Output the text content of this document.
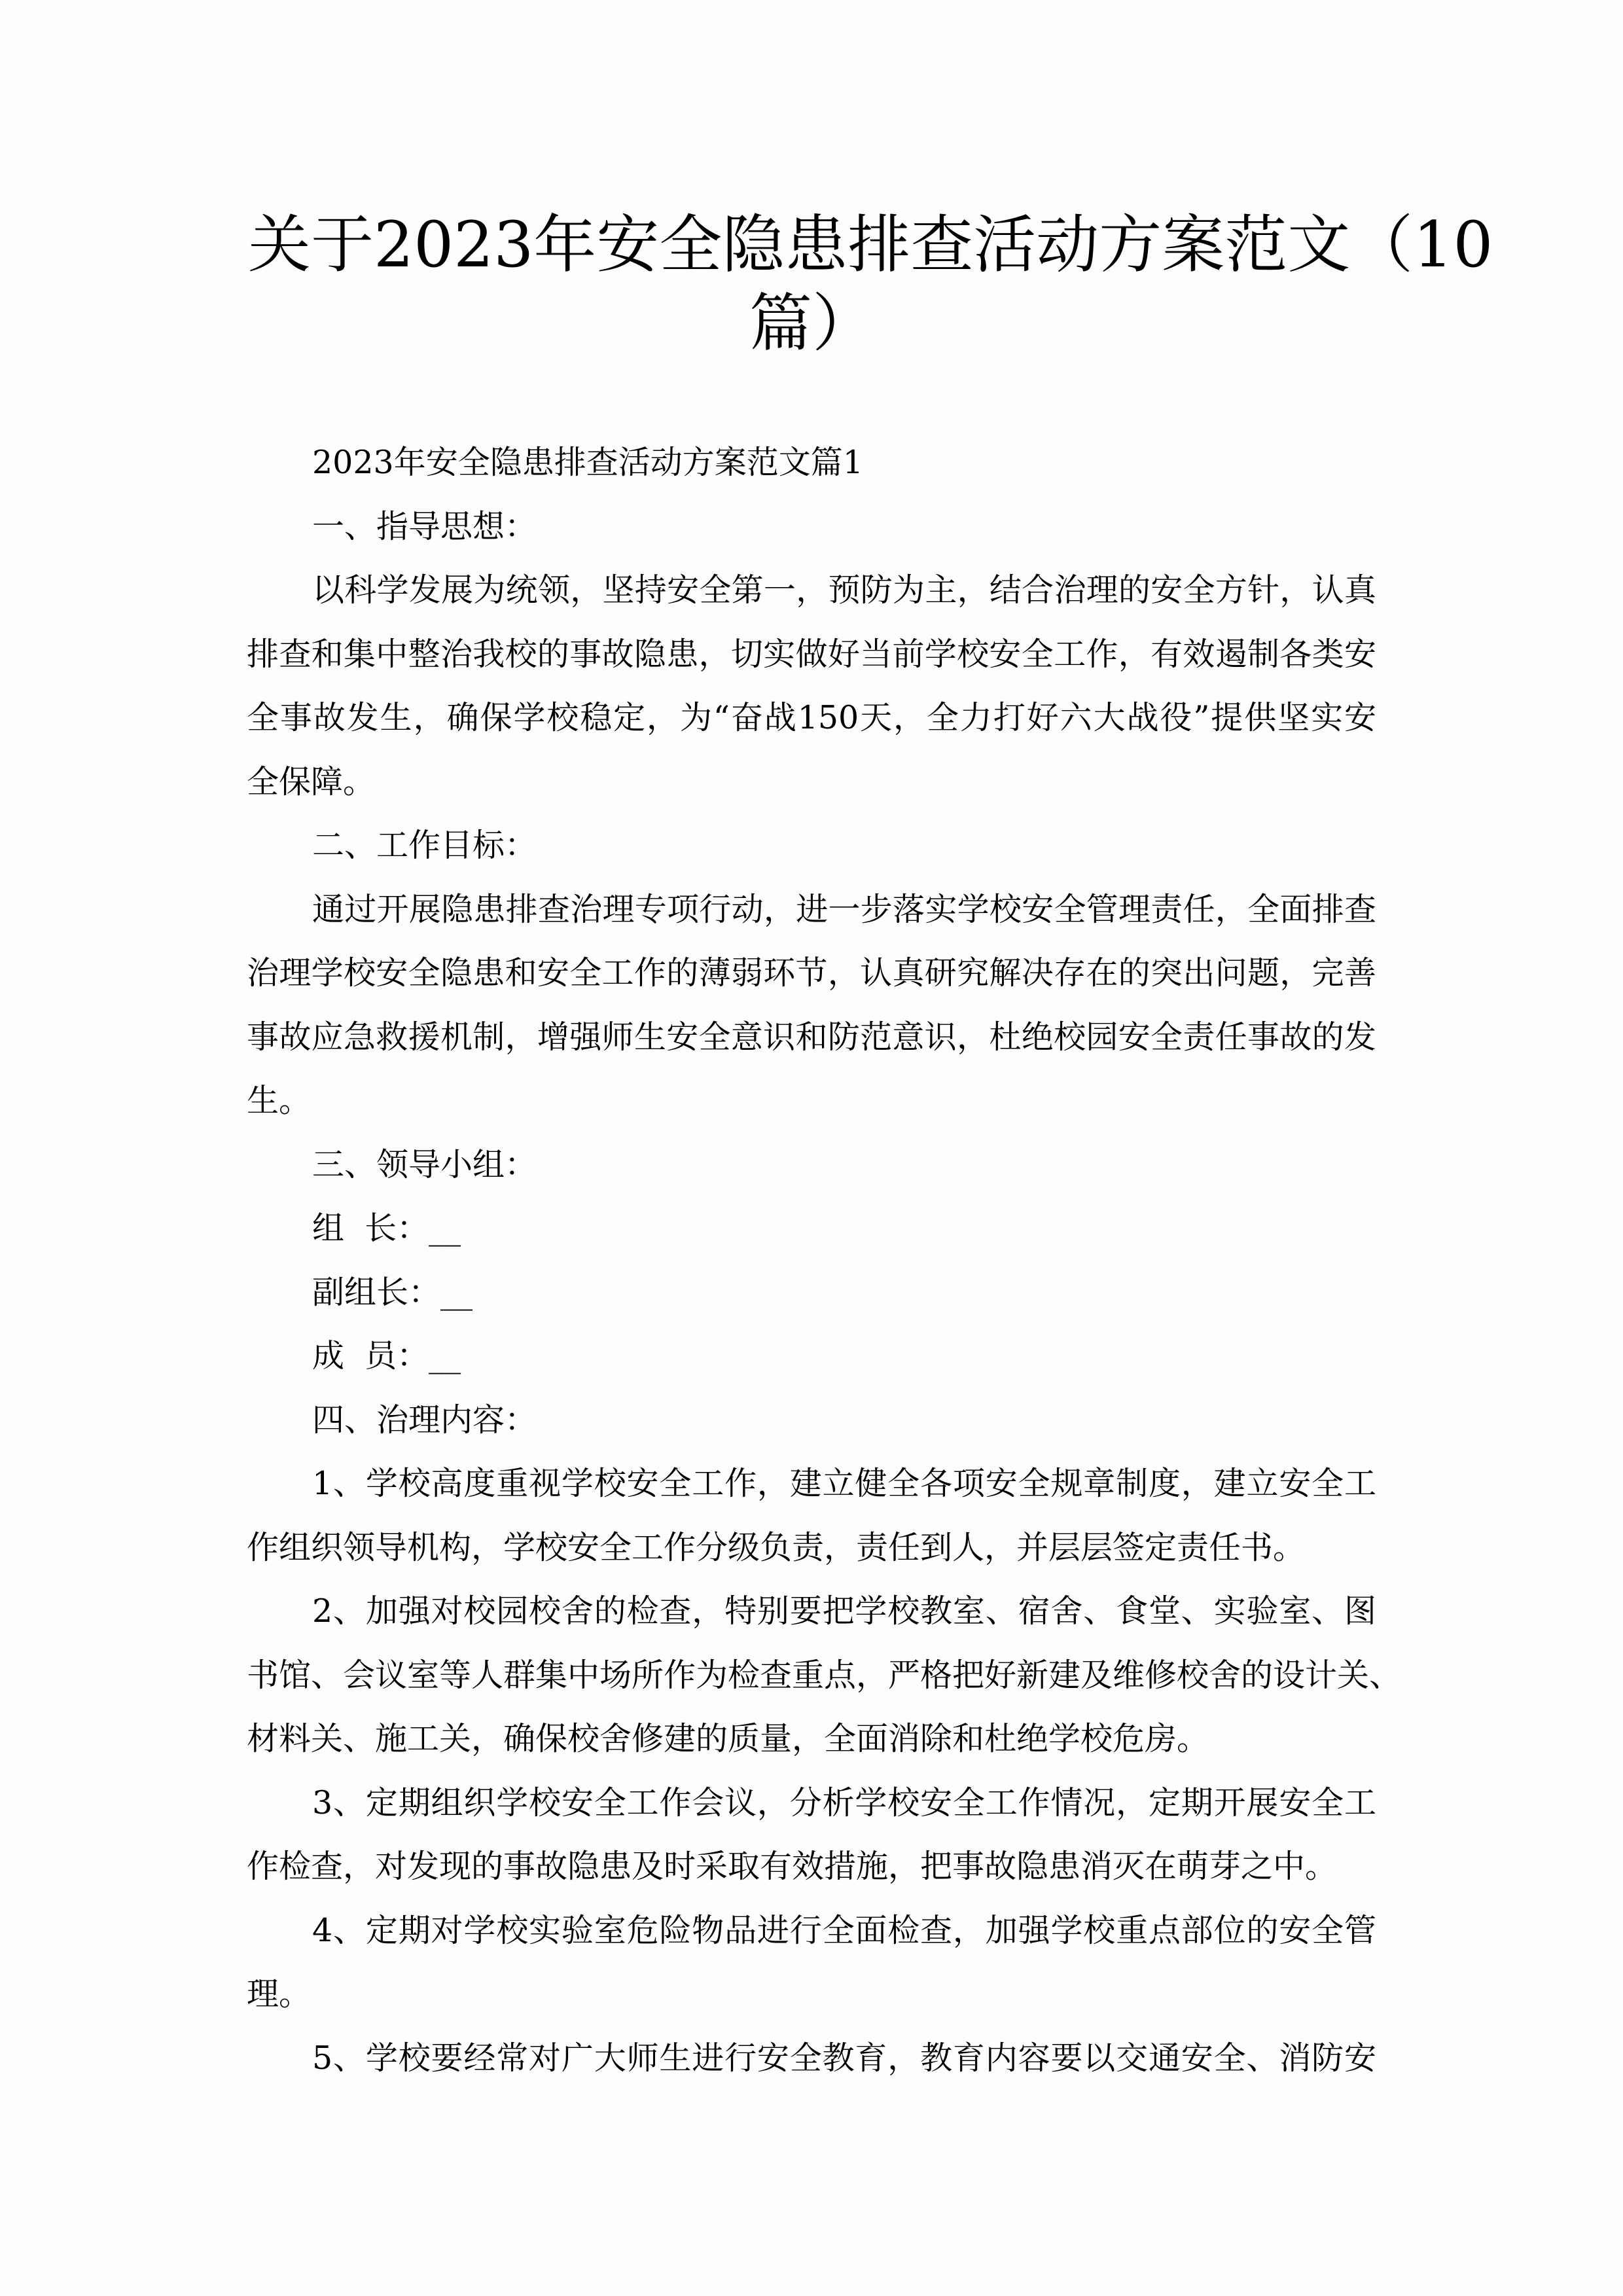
关于2023年安全隐患排查活动方案范文（10
篇）
2023年安全隐患排查活动方案范文篇1
一、指导思想：
以科学发展为统领，坚持安全第一，预防为主，结合治理的安全方针，认真
排查和集中整治我校的事故隐患，切实做好当前学校安全工作，有效遏制各类安
全事故发生，确保学校稳定，为“奋战150天，全力打好六大战役”提供坚实安
全保障。
二、工作目标：
通过开展隐患排查治理专项行动，进一步落实学校安全管理责任，全面排查
治理学校安全隐患和安全工作的薄弱环节，认真研究解决存在的突出问题，完善
事故应急救援机制，增强师生安全意识和防范意识，杜绝校园安全责任事故的发
生。
三、领导小组：
组  长：__
副组长：__
成  员：__
四、治理内容：
1、学校高度重视学校安全工作，建立健全各项安全规章制度，建立安全工
作组织领导机构，学校安全工作分级负责，责任到人，并层层签定责任书。
2、加强对校园校舍的检查，特别要把学校教室、宿舍、食堂、实验室、图
书馆、会议室等人群集中场所作为检查重点，严格把好新建及维修校舍的设计关、
材料关、施工关，确保校舍修建的质量，全面消除和杜绝学校危房。
3、定期组织学校安全工作会议，分析学校安全工作情况，定期开展安全工
作检查，对发现的事故隐患及时采取有效措施，把事故隐患消灭在萌芽之中。
4、定期对学校实验室危险物品进行全面检查，加强学校重点部位的安全管
理。
5、学校要经常对广大师生进行安全教育，教育内容要以交通安全、消防安
